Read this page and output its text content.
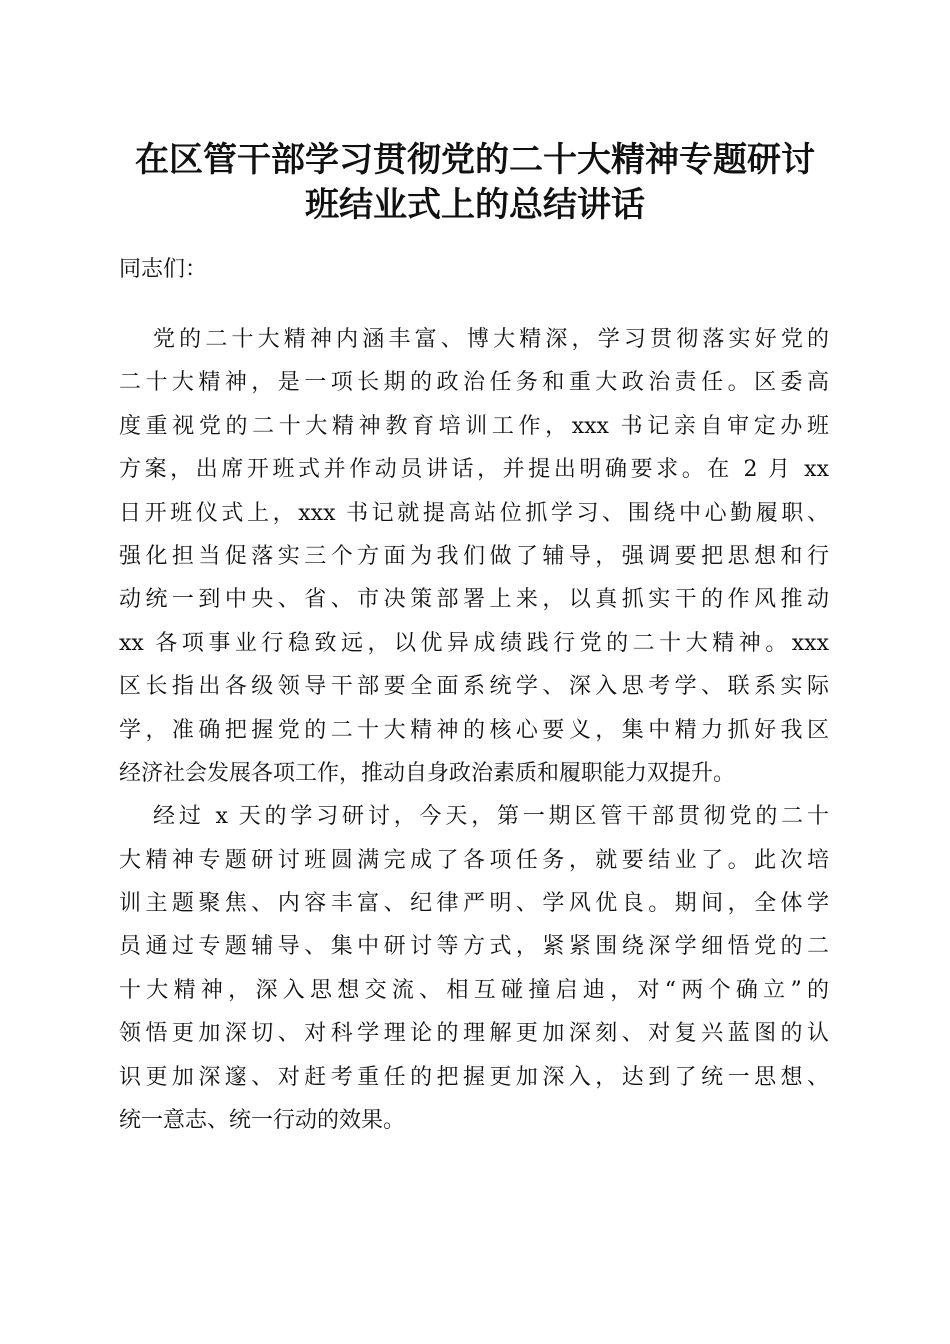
在区管干部学习贯彻党的二十大精神专题研讨
班结业式上的总结讲话
同志们：
党的二十大精神内涵丰富、博大精深，学习贯彻落实好党的
二十大精神，是一项长期的政治任务和重大政治责任。区委高
度重视党的二十大精神教育培训工作，xxx 书记亲自审定办班
方案，出席开班式并作动员讲话，并提出明确要求。在 2 月 xx
日开班仪式上，xxx 书记就提高站位抓学习、围绕中心勤履职、
强化担当促落实三个方面为我们做了辅导，强调要把思想和行
动统一到中央、省、市决策部署上来，以真抓实干的作风推动
xx 各项事业行稳致远，以优异成绩践行党的二十大精神。xxx
区长指出各级领导干部要全面系统学、深入思考学、联系实际
学，准确把握党的二十大精神的核心要义，集中精力抓好我区
经济社会发展各项工作，推动自身政治素质和履职能力双提升。
经过 x 天的学习研讨，今天，第一期区管干部贯彻党的二十
大精神专题研讨班圆满完成了各项任务，就要结业了。此次培
训主题聚焦、内容丰富、纪律严明、学风优良。期间，全体学
员通过专题辅导、集中研讨等方式，紧紧围绕深学细悟党的二
十大精神，深入思想交流、相互碰撞启迪，对“两个确立”的
领悟更加深切、对科学理论的理解更加深刻、对复兴蓝图的认
识更加深邃、对赶考重任的把握更加深入，达到了统一思想、
统一意志、统一行动的效果。
